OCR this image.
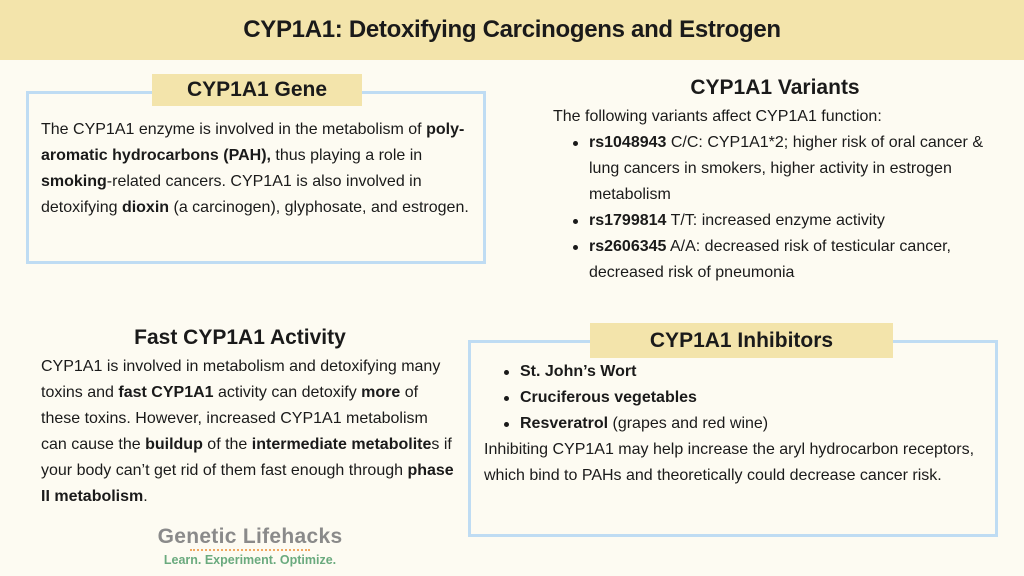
CYP1A1: Detoxifying Carcinogens and Estrogen
CYP1A1 Gene
The CYP1A1 enzyme is involved in the metabolism of poly-aromatic hydrocarbons (PAH), thus playing a role in smoking-related cancers. CYP1A1 is also involved in detoxifying dioxin (a carcinogen), glyphosate, and estrogen.
CYP1A1 Variants
The following variants affect CYP1A1 function:
rs1048943 C/C: CYP1A1*2; higher risk of oral cancer & lung cancers in smokers, higher activity in estrogen metabolism
rs1799814 T/T: increased enzyme activity
rs2606345 A/A: decreased risk of testicular cancer, decreased risk of pneumonia
Fast CYP1A1 Activity
CYP1A1 is involved in metabolism and detoxifying many toxins and fast CYP1A1 activity can detoxify more of these toxins. However, increased CYP1A1 metabolism can cause the buildup of the intermediate metabolites if your body can’t get rid of them fast enough through phase II metabolism.
Genetic Lifehacks
Learn. Experiment. Optimize.
CYP1A1 Inhibitors
St. John’s Wort
Cruciferous vegetables
Resveratrol (grapes and red wine)
Inhibiting CYP1A1 may help increase the aryl hydrocarbon receptors, which bind to PAHs and theoretically could decrease cancer risk.
